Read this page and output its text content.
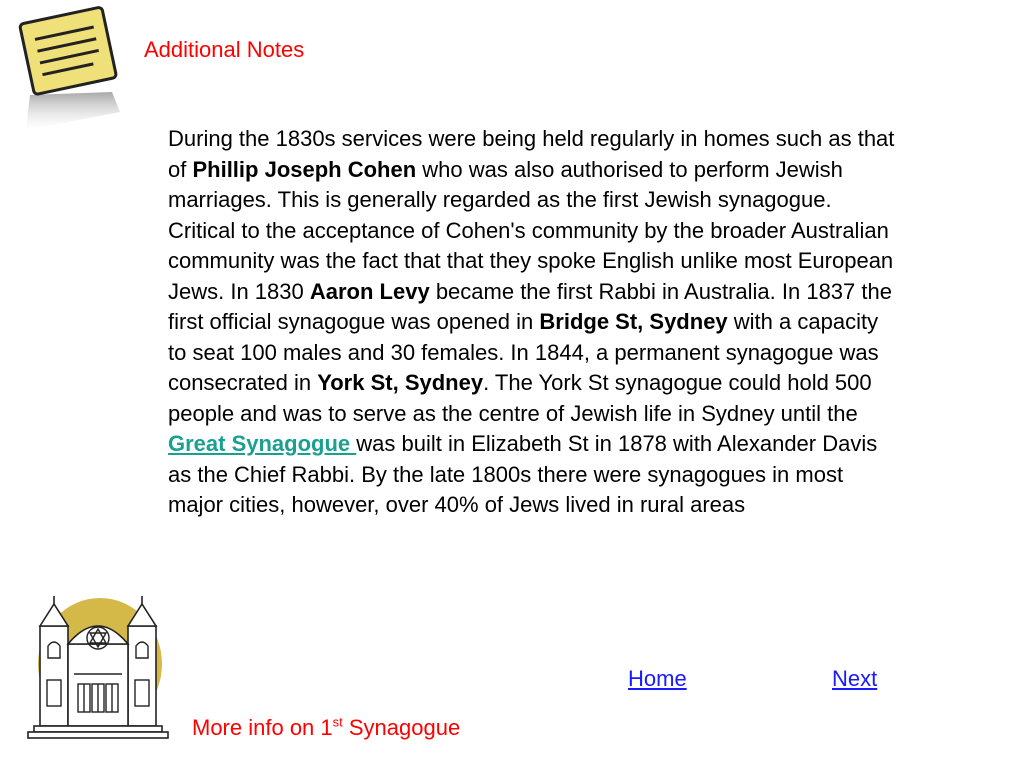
Additional Notes
During the 1830s services were being held regularly in homes such as that of Phillip Joseph Cohen who was also authorised to perform Jewish marriages. This is generally regarded as the first Jewish synagogue. Critical to the acceptance of Cohen's community by the broader Australian community was the fact that that they spoke English unlike most European Jews. In 1830 Aaron Levy became the first Rabbi in Australia. In 1837 the first official synagogue was opened in Bridge St, Sydney with a capacity to seat 100 males and 30 females. In 1844, a permanent synagogue was consecrated in York St, Sydney. The York St synagogue could hold 500 people and was to serve as the centre of Jewish life in Sydney until the Great Synagogue was built in Elizabeth St in 1878 with Alexander Davis as the Chief Rabbi. By the late 1800s there were synagogues in most major cities, however, over 40% of Jews lived in rural areas
Home	Next
More info on 1st Synagogue
